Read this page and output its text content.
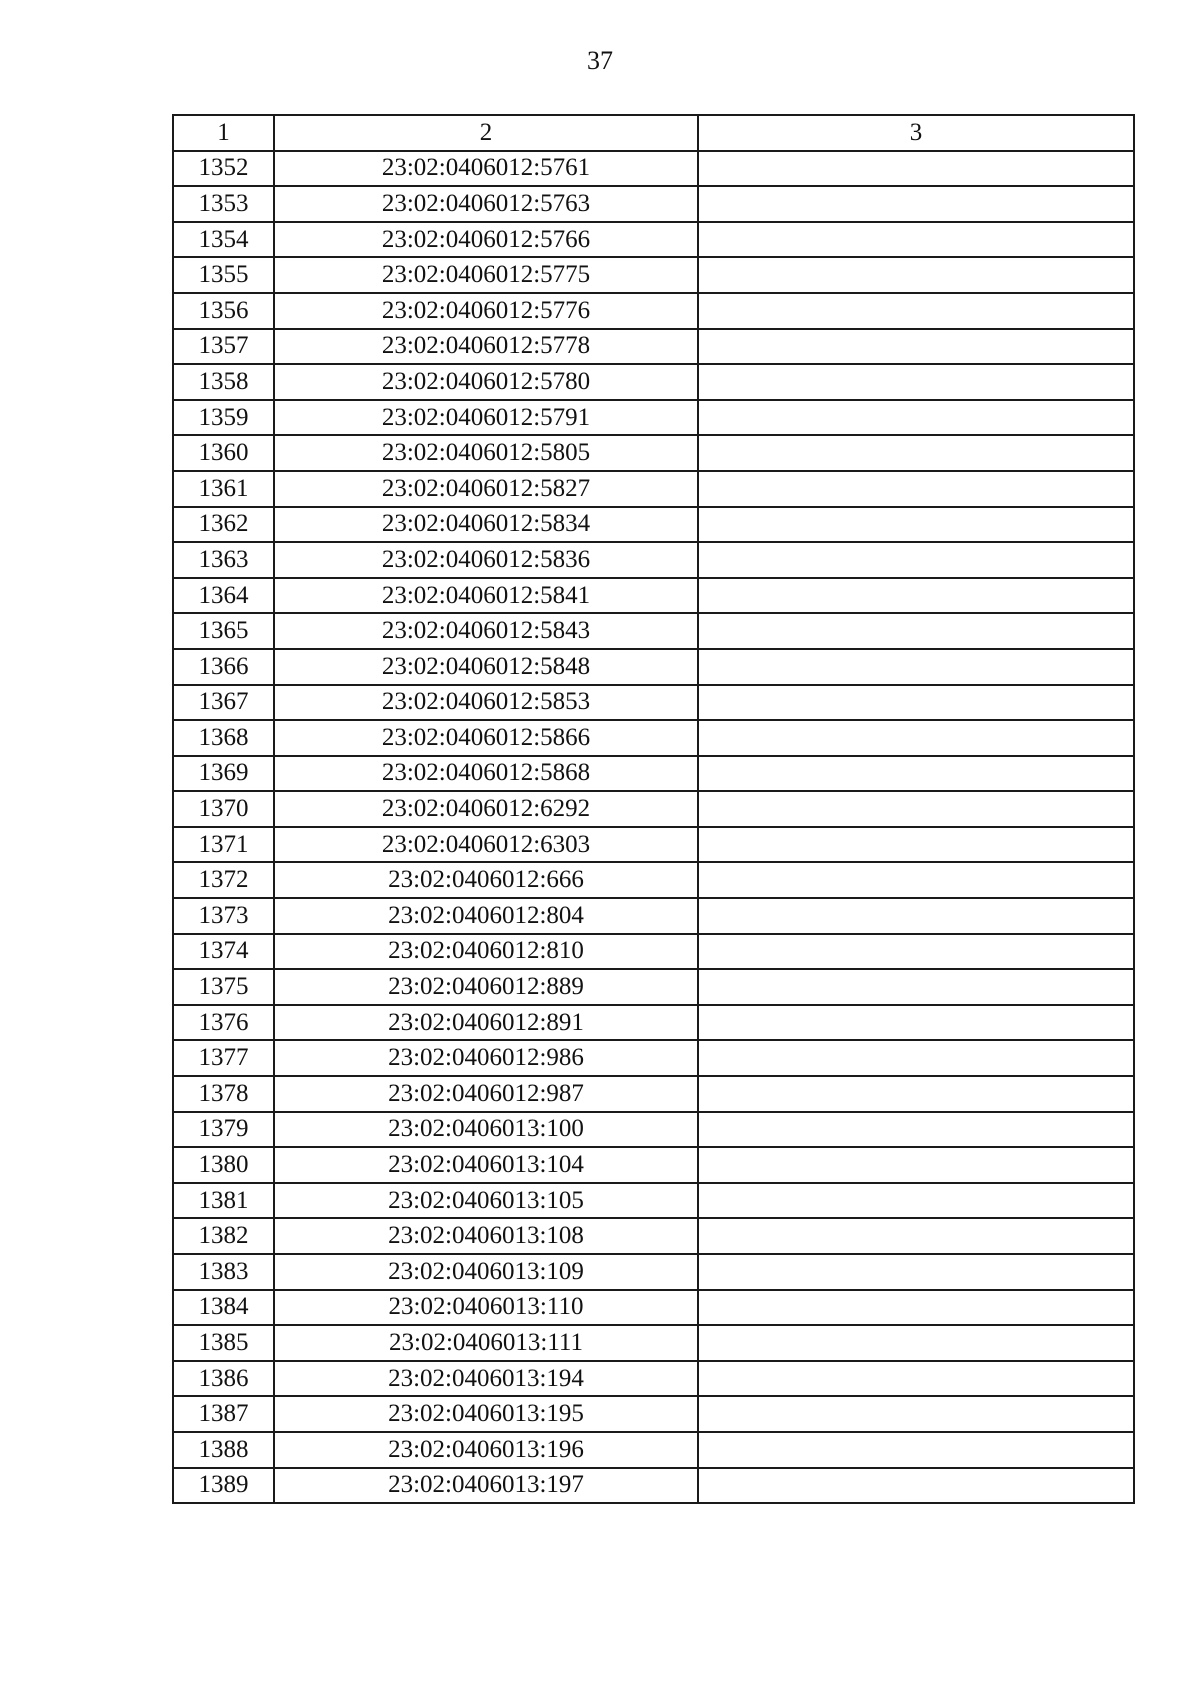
37
1	2	3
1352	23:02:0406012:5761	
1353	23:02:0406012:5763	
1354	23:02:0406012:5766	
1355	23:02:0406012:5775	
1356	23:02:0406012:5776	
1357	23:02:0406012:5778	
1358	23:02:0406012:5780	
1359	23:02:0406012:5791	
1360	23:02:0406012:5805	
1361	23:02:0406012:5827	
1362	23:02:0406012:5834	
1363	23:02:0406012:5836	
1364	23:02:0406012:5841	
1365	23:02:0406012:5843	
1366	23:02:0406012:5848	
1367	23:02:0406012:5853	
1368	23:02:0406012:5866	
1369	23:02:0406012:5868	
1370	23:02:0406012:6292	
1371	23:02:0406012:6303	
1372	23:02:0406012:666	
1373	23:02:0406012:804	
1374	23:02:0406012:810	
1375	23:02:0406012:889	
1376	23:02:0406012:891	
1377	23:02:0406012:986	
1378	23:02:0406012:987	
1379	23:02:0406013:100	
1380	23:02:0406013:104	
1381	23:02:0406013:105	
1382	23:02:0406013:108	
1383	23:02:0406013:109	
1384	23:02:0406013:110	
1385	23:02:0406013:111	
1386	23:02:0406013:194	
1387	23:02:0406013:195	
1388	23:02:0406013:196	
1389	23:02:0406013:197	
